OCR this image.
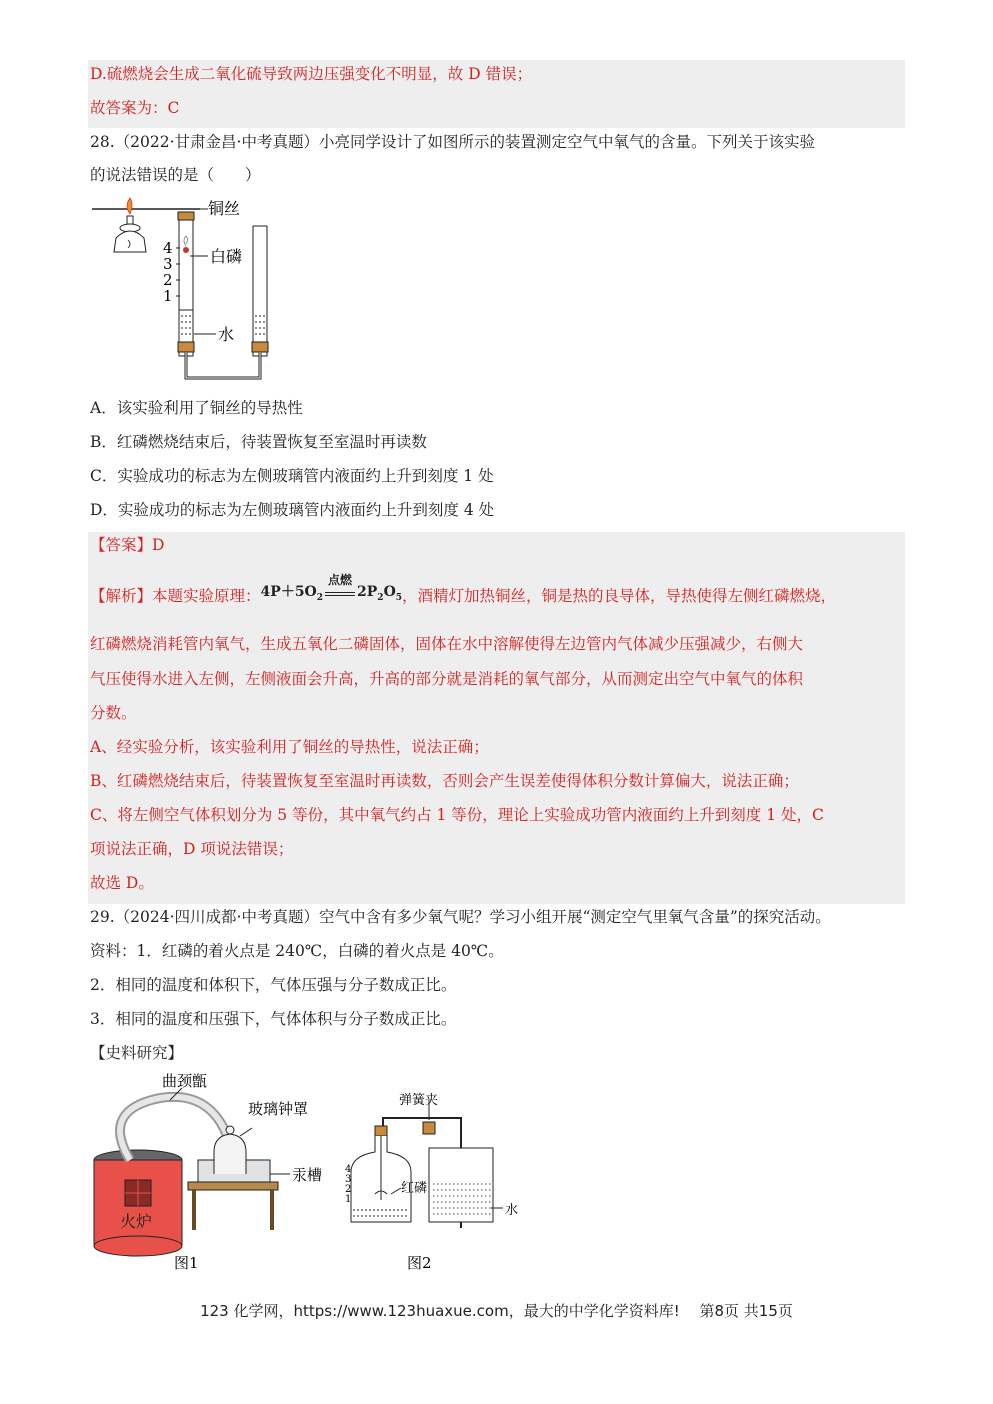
D.硫燃烧会生成二氧化硫导致两边压强变化不明显，故 D 错误；
故答案为：C
28.（2022·甘肃金昌·中考真题）小亮同学设计了如图所示的装置测定空气中氧气的含量。下列关于该实验
的说法错误的是（　　）
4
3
2
1
铜丝
白磷
水
A．该实验利用了铜丝的导热性
B．红磷燃烧结束后，待装置恢复至室温时再读数
C．实验成功的标志为左侧玻璃管内液面约上升到刻度 1 处
D．实验成功的标志为左侧玻璃管内液面约上升到刻度 4 处
【答案】D
【解析】本题实验原理：$4P+5O_2$
点燃
$2P_2O_5$，酒精灯加热铜丝，铜是热的良导体，导热使得左侧红磷燃烧，
红磷燃烧消耗管内氧气，生成五氧化二磷固体，固体在水中溶解使得左边管内气体减少压强减少，右侧大
气压使得水进入左侧，左侧液面会升高，升高的部分就是消耗的氧气部分，从而测定出空气中氧气的体积
分数。
A、经实验分析，该实验利用了铜丝的导热性，说法正确；
B、红磷燃烧结束后，待装置恢复至室温时再读数，否则会产生误差使得体积分数计算偏大，说法正确；
C、将左侧空气体积划分为 5 等份，其中氧气约占 1 等份，理论上实验成功管内液面约上升到刻度 1 处，C
项说法正确，D 项说法错误；
故选 D。
29.（2024·四川成都·中考真题）空气中含有多少氧气呢？学习小组开展“测定空气里氧气含量”的探究活动。
资料：1．红磷的着火点是 240℃，白磷的着火点是 40℃。
2．相同的温度和体积下，气体压强与分子数成正比。
3．相同的温度和压强下，气体体积与分子数成正比。
【史料研究】
火炉
曲颈甑
玻璃钟罩
汞槽
图1
4
3
2
1
弹簧夹
红磷
水
图2
123 化学网，https://www.123huaxue.com，最大的中学化学资料库!　 第8页 共15页
